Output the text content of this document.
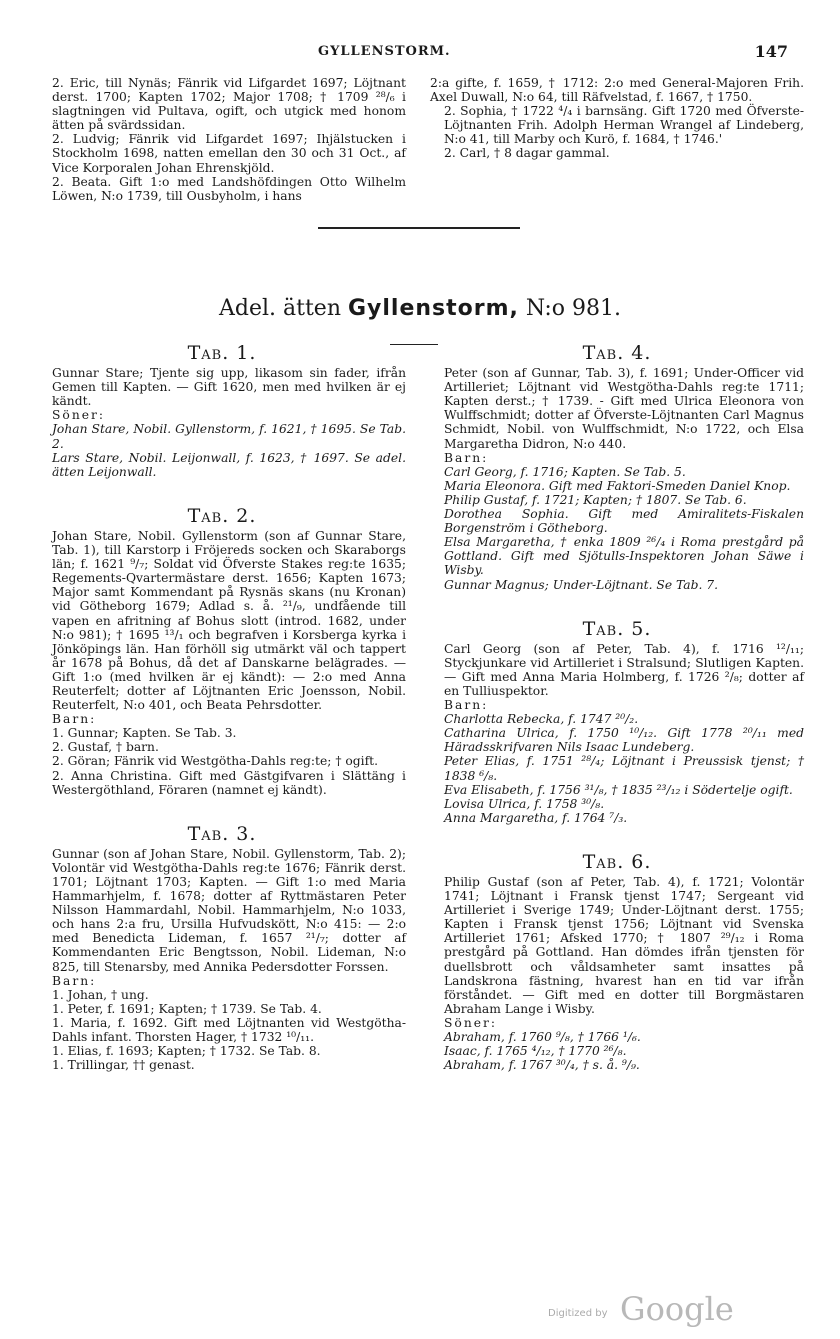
GYLLENSTORM.	147

2. Eric, till Nynäs; Fänrik vid Lifgardet 1697; Löjtnant derst. 1700; Kapten 1702; Major 1708; † 1709 ²⁸/₆ i slagtningen vid Pultava, ogift, och utgick med honom ätten på svärdssidan.

2. Ludvig; Fänrik vid Lifgardet 1697; Ihjälstucken i Stockholm 1698, natten emellan den 30 och 31 Oct., af Vice Korporalen Johan Ehrenskjöld.

2. Beata. Gift 1:o med Landshöfdingen Otto Wilhelm Löwen, N:o 1739, till Ousbyholm, i hans

2:a gifte, f. 1659, † 1712: 2:o med General-Majoren Frih. Axel Duwall, N:o 64, till Räfvelstad, f. 1667, † 1750.

2. Sophia, † 1722 ⁴/₄ i barnsäng. Gift 1720 med Öfverste-Löjtnanten Frih. Adolph Herman Wrangel af Lindeberg, N:o 41, till Marby och Kurö, f. 1684, † 1746.'

2. Carl, † 8 dagar gammal.

Adel. ätten Gyllenstorm, N:o 981.
Tab. 1.

Gunnar Stare; Tjente sig upp, likasom sin fader, ifrån Gemen till Kapten. — Gift 1620, men med hvilken är ej kändt.

Söner:

Johan Stare, Nobil. Gyllenstorm, f. 1621, † 1695. Se Tab. 2.

Lars Stare, Nobil. Leijonwall, f. 1623, † 1697. Se adel. ätten Leijonwall.

Tab. 2.

Johan Stare, Nobil. Gyllenstorm (son af Gunnar Stare, Tab. 1), till Karstorp i Fröjereds socken och Skaraborgs län; f. 1621 ⁹/₇; Soldat vid Öfverste Stakes reg:te 1635; Regements-Qvartermästare derst. 1656; Kapten 1673; Major samt Kommendant på Rysnäs skans (nu Kronan) vid Götheborg 1679; Adlad s. å. ²¹/₉, undfående till vapen en afritning af Bohus slott (introd. 1682, under N:o 981); † 1695 ¹³/₁ och begrafven i Korsberga kyrka i Jönköpings län. Han förhöll sig utmärkt väl och tappert år 1678 på Bohus, då det af Danskarne belägrades. — Gift 1:o (med hvilken är ej kändt): — 2:o med Anna Reuterfelt; dotter af Löjtnanten Eric Joensson, Nobil. Reuterfelt, N:o 401, och Beata Pehrsdotter.

Barn:

1. Gunnar; Kapten. Se Tab. 3.

2. Gustaf, † barn.

2. Göran; Fänrik vid Westgötha-Dahls reg:te; † ogift.

2. Anna Christina. Gift med Gästgifvaren i Slättäng i Westergöthland, Föraren (namnet ej kändt).

Tab. 3.

Gunnar (son af Johan Stare, Nobil. Gyllenstorm, Tab. 2); Volontär vid Westgötha-Dahls reg:te 1676; Fänrik derst. 1701; Löjtnant 1703; Kapten. — Gift 1:o med Maria Hammarhjelm, f. 1678; dotter af Ryttmästaren Peter Nilsson Hammardahl, Nobil. Hammarhjelm, N:o 1033, och hans 2:a fru, Ursilla Hufvudskött, N:o 415: — 2:o med Benedicta Lideman, f. 1657 ²¹/₇; dotter af Kommendanten Eric Bengtsson, Nobil. Lideman, N:o 825, till Stenarsby, med Annika Pedersdotter Forssen.

Barn:

1. Johan, † ung.

1. Peter, f. 1691; Kapten; † 1739. Se Tab. 4.

1. Maria, f. 1692. Gift med Löjtnanten vid Westgötha-Dahls infant. Thorsten Hager, † 1732 ¹⁰/₁₁.

1. Elias, f. 1693; Kapten; † 1732. Se Tab. 8.

1. Trillingar, †† genast.

Tab. 4.

Peter (son af Gunnar, Tab. 3), f. 1691; Under-Officer vid Artilleriet; Löjtnant vid Westgötha-Dahls reg:te 1711; Kapten derst.; † 1739. - Gift med Ulrica Eleonora von Wulffschmidt; dotter af Öfverste-Löjtnanten Carl Magnus Schmidt, Nobil. von Wulffschmidt, N:o 1722, och Elsa Margaretha Didron, N:o 440.

Barn:

Carl Georg, f. 1716; Kapten. Se Tab. 5.

Maria Eleonora. Gift med Faktori-Smeden Daniel Knop.

Philip Gustaf, f. 1721; Kapten; † 1807. Se Tab. 6.

Dorothea Sophia. Gift med Amiralitets-Fiskalen Borgenström i Götheborg.

Elsa Margaretha, † enka 1809 ²⁶/₄ i Roma prestgård på Gottland. Gift med Sjötulls-Inspektoren Johan Säwe i Wisby.

Gunnar Magnus; Under-Löjtnant. Se Tab. 7.

Tab. 5.

Carl Georg (son af Peter, Tab. 4), f. 1716 ¹²/₁₁; Styckjunkare vid Artilleriet i Stralsund; Slutligen Kapten. — Gift med Anna Maria Holmberg, f. 1726 ²/₈; dotter af en Tulliuspektor.

Barn:

Charlotta Rebecka, f. 1747 ²⁰/₂.

Catharina Ulrica, f. 1750 ¹⁰/₁₂. Gift 1778 ²⁰/₁₁ med Häradsskrifvaren Nils Isaac Lundeberg.

Peter Elias, f. 1751 ²⁸/₄; Löjtnant i Preussisk tjenst; † 1838 ⁶/₈.

Eva Elisabeth, f. 1756 ³¹/₈, † 1835 ²³/₁₂ i Södertelje ogift.

Lovisa Ulrica, f. 1758 ³⁰/₈.

Anna Margaretha, f. 1764 ⁷/₃.

Tab. 6.

Philip Gustaf (son af Peter, Tab. 4), f. 1721; Volontär 1741; Löjtnant i Fransk tjenst 1747; Sergeant vid Artilleriet i Sverige 1749; Under-Löjtnant derst. 1755; Kapten i Fransk tjenst 1756; Löjtnant vid Svenska Artilleriet 1761; Afsked 1770; † 1807 ²⁹/₁₂ i Roma prestgård på Gottland. Han dömdes ifrån tjensten för duellsbrott och våldsamheter samt insattes på Landskrona fästning, hvarest han en tid var ifrån förståndet. — Gift med en dotter till Borgmästaren Abraham Lange i Wisby.

Söner:

Abraham, f. 1760 ⁹/₈, † 1766 ¹/₆.

Isaac, f. 1765 ⁴/₁₂, † 1770 ²⁶/₈.

Abraham, f. 1767 ³⁰/₄, † s. å. ⁹/₉.

Digitized by Google
